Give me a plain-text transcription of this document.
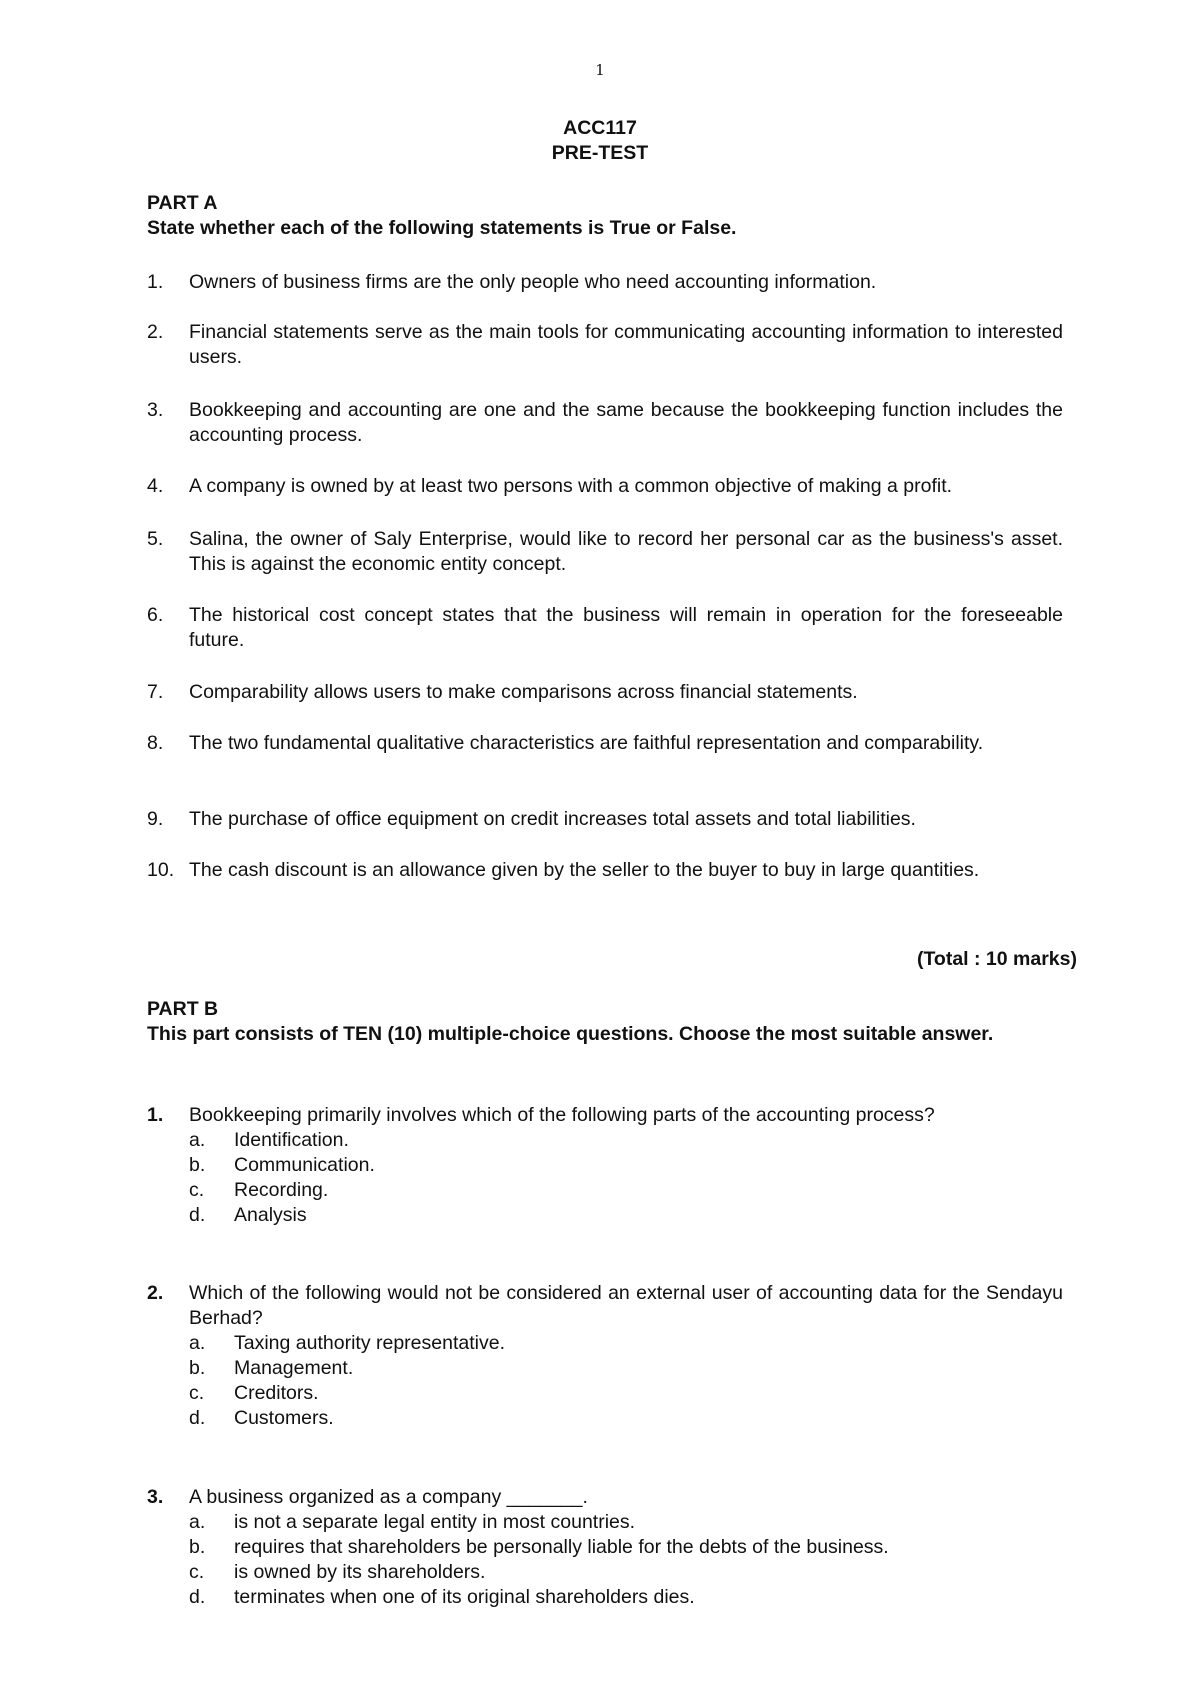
1
ACC117
PRE-TEST
PART A
State whether each of the following statements is True or False.
1.	Owners of business firms are the only people who need accounting information.
2.	Financial statements serve as the main tools for communicating accounting information to interested users.
3.	Bookkeeping and accounting are one and the same because the bookkeeping function includes the accounting process.
4.	A company is owned by at least two persons with a common objective of making a profit.
5.	Salina, the owner of Saly Enterprise, would like to record her personal car as the business's asset. This is against the economic entity concept.
6.	The historical cost concept states that the business will remain in operation for the foreseeable future.
7.	Comparability allows users to make comparisons across financial statements.
8.	The two fundamental qualitative characteristics are faithful representation and comparability.
9.	The purchase of office equipment on credit increases total assets and total liabilities.
10. The cash discount is an allowance given by the seller to the buyer to buy in large quantities.
(Total : 10 marks)
PART B
This part consists of TEN (10) multiple-choice questions. Choose the most suitable answer.
1.	Bookkeeping primarily involves which of the following parts of the accounting process?
a. Identification.
b. Communication.
c. Recording.
d. Analysis
2.	Which of the following would not be considered an external user of accounting data for the Sendayu Berhad?
a. Taxing authority representative.
b. Management.
c. Creditors.
d. Customers.
3.	A business organized as a company _______.
a. is not a separate legal entity in most countries.
b. requires that shareholders be personally liable for the debts of the business.
c. is owned by its shareholders.
d. terminates when one of its original shareholders dies.
